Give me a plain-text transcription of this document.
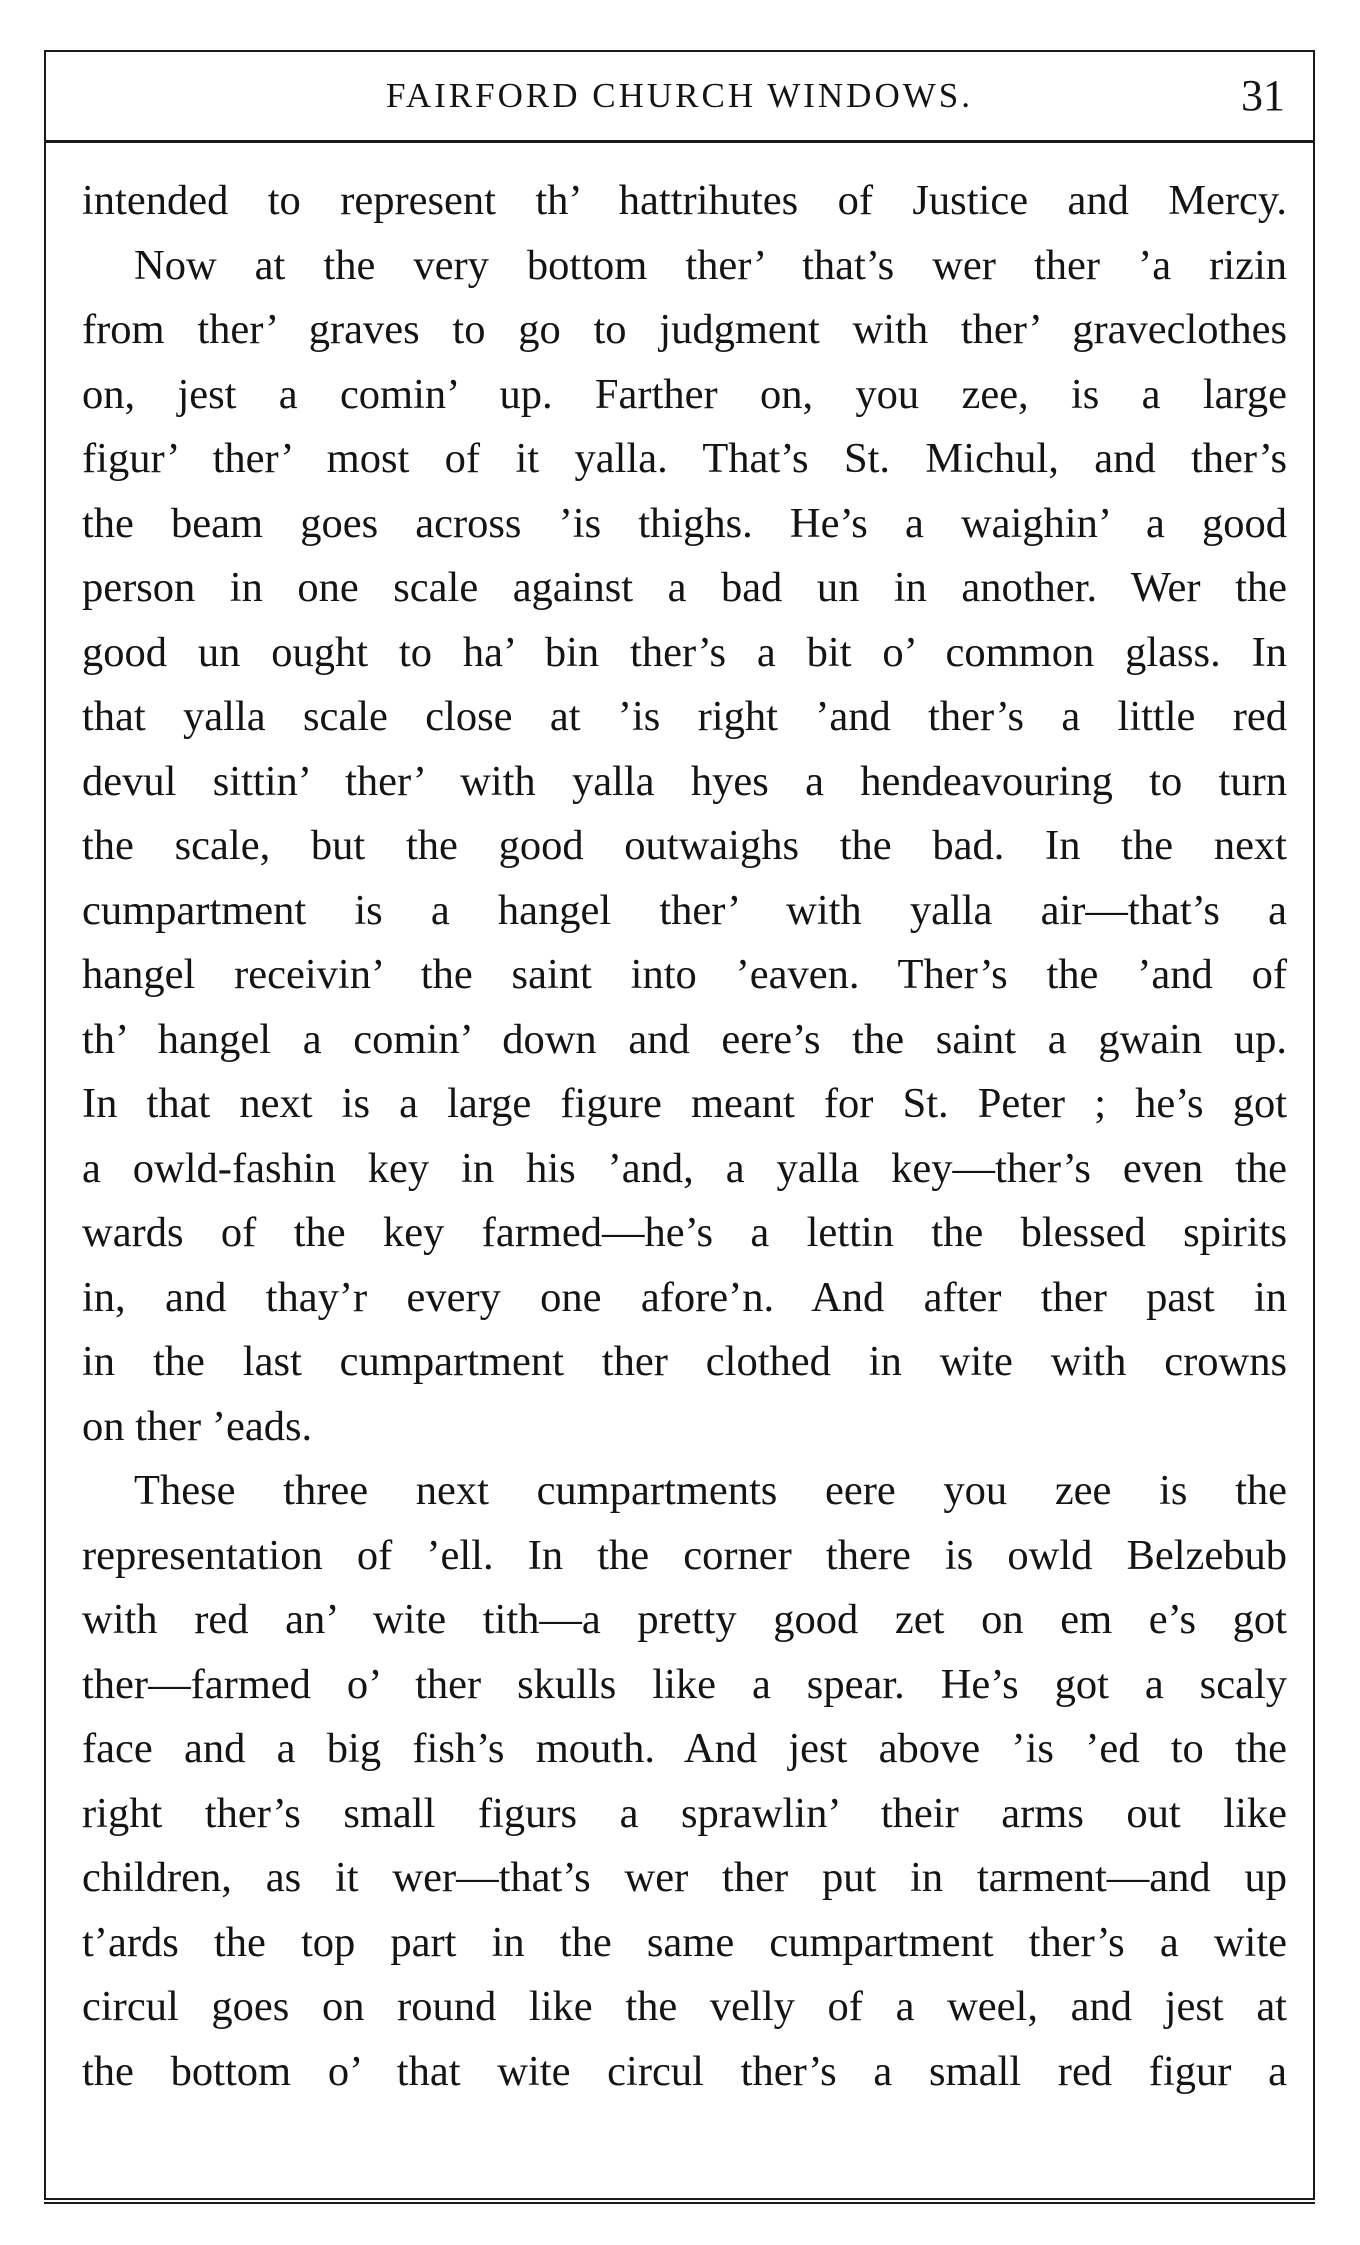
FAIRFORD CHURCH WINDOWS.	31
intended to represent th’ hattrihutes of Justice and Mercy.
Now at the very bottom ther’ that’s wer ther ’a rizin
from ther’ graves to go to judgment with ther’ graveclothes
on, jest a comin’ up. Farther on, you zee, is a large
figur’ ther’ most of it yalla. That’s St. Michul, and ther’s
the beam goes across ’is thighs. He’s a waighin’ a good
person in one scale against a bad un in another. Wer the
good un ought to ha’ bin ther’s a bit o’ common glass. In
that yalla scale close at ’is right ’and ther’s a little red
devul sittin’ ther’ with yalla hyes a hendeavouring to turn
the scale, but the good outwaighs the bad. In the next
cumpartment is a hangel ther’ with yalla air—that’s a
hangel receivin’ the saint into ’eaven. Ther’s the ’and of
th’ hangel a comin’ down and eere’s the saint a gwain up.
In that next is a large figure meant for St. Peter ; he’s got
a owld-fashin key in his ’and, a yalla key—ther’s even the
wards of the key farmed—he’s a lettin the blessed spirits
in, and thay’r every one afore’n. And after ther past in
in the last cumpartment ther clothed in wite with crowns
on ther ’eads.
These three next cumpartments eere you zee is the
representation of ’ell. In the corner there is owld Belzebub
with red an’ wite tith—a pretty good zet on em e’s got
ther—farmed o’ ther skulls like a spear. He’s got a scaly
face and a big fish’s mouth. And jest above ’is ’ed to the
right ther’s small figurs a sprawlin’ their arms out like
children, as it wer—that’s wer ther put in tarment—and up
t’ards the top part in the same cumpartment ther’s a wite
circul goes on round like the velly of a weel, and jest at
the bottom o’ that wite circul ther’s a small red figur a
